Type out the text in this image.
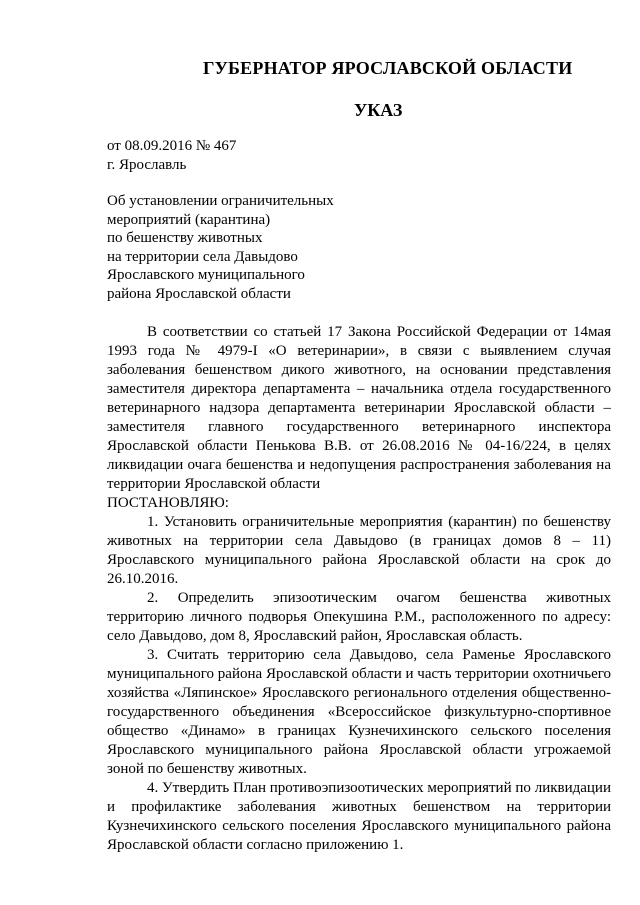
ГУБЕРНАТОР ЯРОСЛАВСКОЙ ОБЛАСТИ
УКАЗ
от 08.09.2016 № 467
г. Ярославль
Об установлении ограничительных
мероприятий (карантина)
по бешенству животных
на территории села Давыдово
Ярославского муниципального
района Ярославской области

В соответствии со статьей 17 Закона Российской Федерации от 14мая 1993 года № 4979-I «О ветеринарии», в связи с выявлением случая заболевания бешенством дикого животного, на основании представления заместителя директора департамента – начальника отдела государственного ветеринарного надзора департамента ветеринарии Ярославской области – заместителя главного государственного ветеринарного инспектора Ярославской области Пенькова В.В. от 26.08.2016 № 04-16/224, в целях ликвидации очага бешенства и недопущения распространения заболевания на территории Ярославской области

ПОСТАНОВЛЯЮ:

1. Установить ограничительные мероприятия (карантин) по бешенству животных на территории села Давыдово (в границах домов 8 – 11) Ярославского муниципального района Ярославской области на срок до 26.10.2016.

2. Определить эпизоотическим очагом бешенства животных территорию личного подворья Опекушина Р.М., расположенного по адресу: село Давыдово, дом 8, Ярославский район, Ярославская область.

3. Считать территорию села Давыдово, села Раменье Ярославского муниципального района Ярославской области и часть территории охотничьего хозяйства «Ляпинское» Ярославского регионального отделения общественно-государственного объединения «Всероссийское физкультурно-спортивное общество «Динамо» в границах Кузнечихинского сельского поселения Ярославского муниципального района Ярославской области угрожаемой зоной по бешенству животных.

4. Утвердить План противоэпизоотических мероприятий по ликвидации и профилактике заболевания животных бешенством на территории Кузнечихинского сельского поселения Ярославского муниципального района Ярославской области согласно приложению 1.
